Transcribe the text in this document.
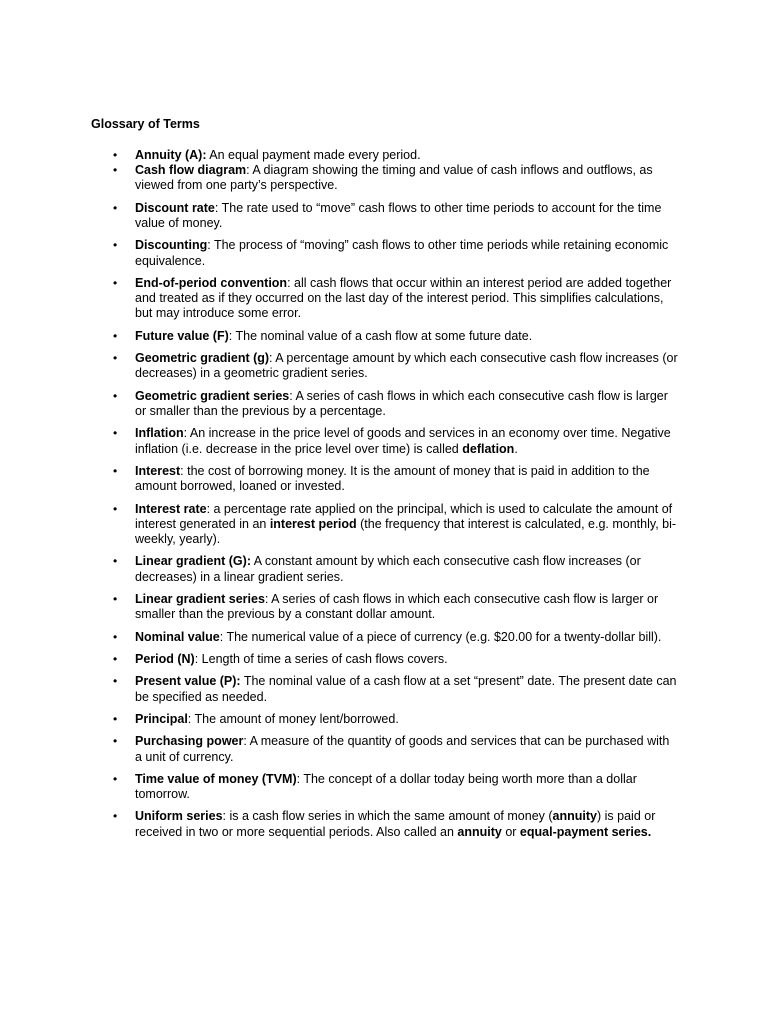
Glossary of Terms
• Annuity (A): An equal payment made every period.
• Cash flow diagram: A diagram showing the timing and value of cash inflows and outflows, as viewed from one party’s perspective.
• Discount rate: The rate used to “move” cash flows to other time periods to account for the time value of money.
• Discounting: The process of “moving” cash flows to other time periods while retaining economic equivalence.
• End-of-period convention: all cash flows that occur within an interest period are added together and treated as if they occurred on the last day of the interest period. This simplifies calculations, but may introduce some error.
• Future value (F): The nominal value of a cash flow at some future date.
• Geometric gradient (g): A percentage amount by which each consecutive cash flow increases (or decreases) in a geometric gradient series.
• Geometric gradient series: A series of cash flows in which each consecutive cash flow is larger or smaller than the previous by a percentage.
• Inflation: An increase in the price level of goods and services in an economy over time. Negative inflation (i.e. decrease in the price level over time) is called deflation.
• Interest: the cost of borrowing money. It is the amount of money that is paid in addition to the amount borrowed, loaned or invested.
• Interest rate: a percentage rate applied on the principal, which is used to calculate the amount of interest generated in an interest period (the frequency that interest is calculated, e.g. monthly, bi-weekly, yearly).
• Linear gradient (G): A constant amount by which each consecutive cash flow increases (or decreases) in a linear gradient series.
• Linear gradient series: A series of cash flows in which each consecutive cash flow is larger or smaller than the previous by a constant dollar amount.
• Nominal value: The numerical value of a piece of currency (e.g. $20.00 for a twenty-dollar bill).
• Period (N): Length of time a series of cash flows covers.
• Present value (P): The nominal value of a cash flow at a set “present” date. The present date can be specified as needed.
• Principal: The amount of money lent/borrowed.
• Purchasing power: A measure of the quantity of goods and services that can be purchased with a unit of currency.
• Time value of money (TVM): The concept of a dollar today being worth more than a dollar tomorrow.
• Uniform series: is a cash flow series in which the same amount of money (annuity) is paid or received in two or more sequential periods. Also called an annuity or equal-payment series.
